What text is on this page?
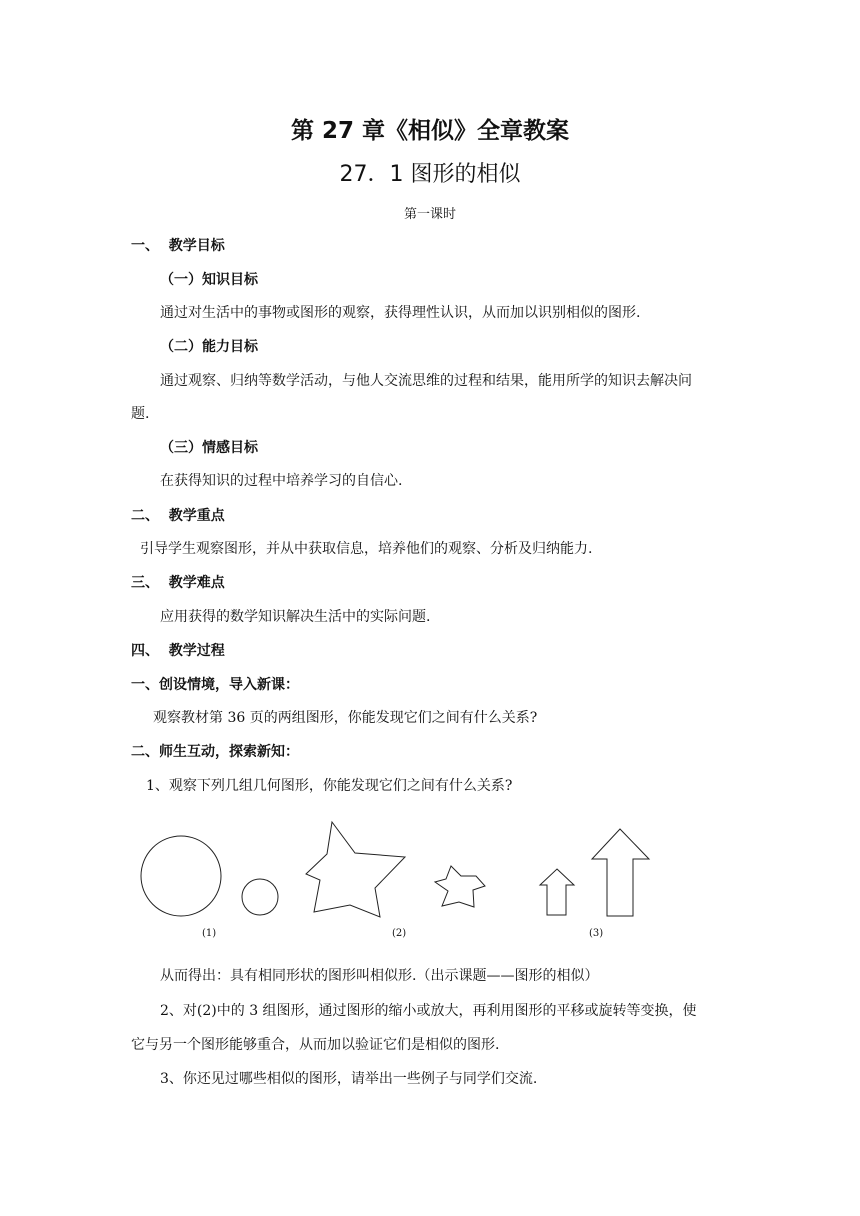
第 27 章《相似》全章教案
27．1 图形的相似
第一课时
一、 教学目标
（一）知识目标
通过对生活中的事物或图形的观察，获得理性认识，从而加以识别相似的图形.
（二）能力目标
通过观察、归纳等数学活动，与他人交流思维的过程和结果，能用所学的知识去解决问
题.
（三）情感目标
在获得知识的过程中培养学习的自信心.
二、 教学重点
引导学生观察图形，并从中获取信息，培养他们的观察、分析及归纳能力.
三、 教学难点
应用获得的数学知识解决生活中的实际问题.
四、 教学过程
一、创设情境，导入新课：
观察教材第 36 页的两组图形，你能发现它们之间有什么关系?
二、师生互动，探索新知：
1、观察下列几组几何图形，你能发现它们之间有什么关系?
(1)	(2)	(3)
从而得出：具有相同形状的图形叫相似形.（出示课题——图形的相似）
2、对(2)中的 3 组图形，通过图形的缩小或放大，再利用图形的平移或旋转等变换，使
它与另一个图形能够重合，从而加以验证它们是相似的图形.
3、你还见过哪些相似的图形，请举出一些例子与同学们交流.
